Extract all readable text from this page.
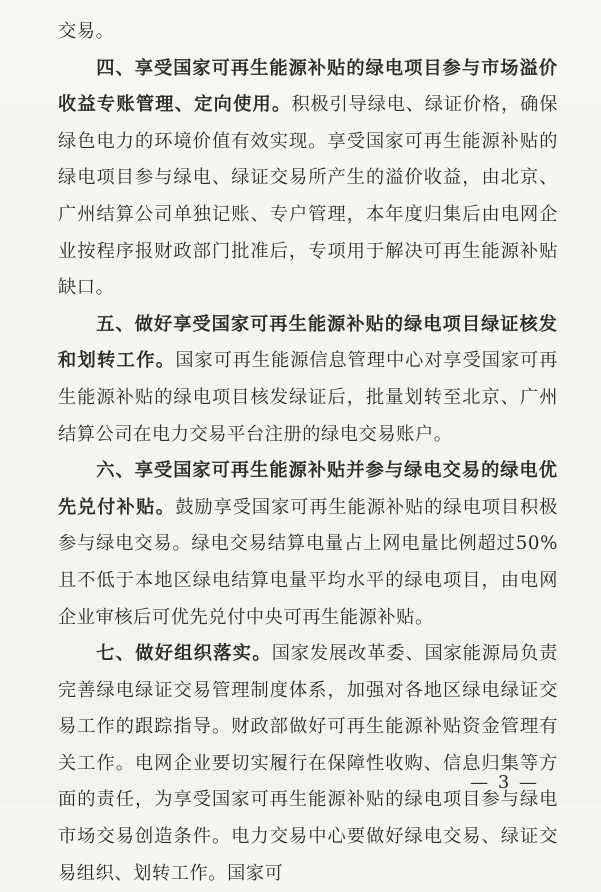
交易。

四、享受国家可再生能源补贴的绿电项目参与市场溢价收益专账管理、定向使用。积极引导绿电、绿证价格，确保绿色电力的环境价值有效实现。享受国家可再生能源补贴的绿电项目参与绿电、绿证交易所产生的溢价收益，由北京、广州结算公司单独记账、专户管理，本年度归集后由电网企业按程序报财政部门批准后，专项用于解决可再生能源补贴缺口。

五、做好享受国家可再生能源补贴的绿电项目绿证核发和划转工作。国家可再生能源信息管理中心对享受国家可再生能源补贴的绿电项目核发绿证后，批量划转至北京、广州结算公司在电力交易平台注册的绿电交易账户。

六、享受国家可再生能源补贴并参与绿电交易的绿电优先兑付补贴。鼓励享受国家可再生能源补贴的绿电项目积极参与绿电交易。绿电交易结算电量占上网电量比例超过50%且不低于本地区绿电结算电量平均水平的绿电项目，由电网企业审核后可优先兑付中央可再生能源补贴。

七、做好组织落实。国家发展改革委、国家能源局负责完善绿电绿证交易管理制度体系，加强对各地区绿电绿证交易工作的跟踪指导。财政部做好可再生能源补贴资金管理有关工作。电网企业要切实履行在保障性收购、信息归集等方面的责任，为享受国家可再生能源补贴的绿电项目参与绿电市场交易创造条件。电力交易中心要做好绿电交易、绿证交易组织、划转工作。国家可

— 3 —
